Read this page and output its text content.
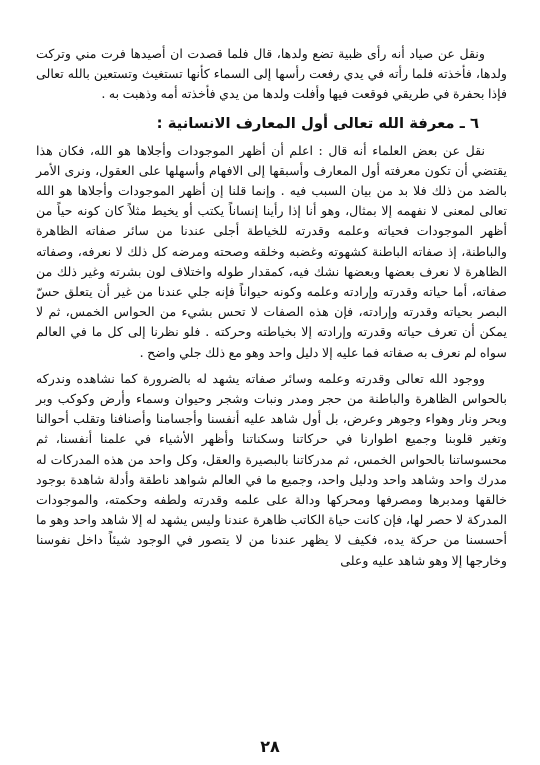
ونقل عن صياد أنه رأى ظبية تضع ولدها، قال فلما قصدت ان أصيدها فرت مني وتركت ولدها، فأخذته فلما رأته في يدي رفعت رأسها إلى السماء كأنها تستغيث وتستعين بالله تعالى فإذا بحفرة في طريقي فوقعت فيها وأفلت ولدها من يدي فأخذته أمه وذهبت به .

٦ ـ معرفة الله تعالى أول المعارف الانسانية :

نقل عن بعض العلماء أنه قال : اعلم أن أظهر الموجودات وأجلاها هو الله، فكان هذا يقتضي أن تكون معرفته أول المعارف وأسبقها إلى الافهام وأسهلها على العقول، ونرى الأمر بالضد من ذلك فلا بد من بيان السبب فيه . وإنما قلنا إن أظهر الموجودات وأجلاها هو الله تعالى لمعنى لا نفهمه إلا بمثال، وهو أنا إذا رأينا إنساناً يكتب أو يخيط مثلاً كان كونه حياً من أظهر الموجودات فحياته وعلمه وقدرته للخياطة أجلى عندنا من سائر صفاته الظاهرة والباطنة، إذ صفاته الباطنة كشهوته وغضبه وخلقه وصحته ومرضه كل ذلك لا نعرفه، وصفاته الظاهرة لا نعرف بعضها وبعضها نشك فيه، كمقدار طوله واختلاف لون بشرته وغير ذلك من صفاته، أما حياته وقدرته وإرادته وعلمه وكونه حيواناً فإنه جلي عندنا من غير أن يتعلق حسّ البصر بحياته وقدرته وإرادته، فإن هذه الصفات لا تحس بشيء من الحواس الخمس، ثم لا يمكن أن تعرف حياته وقدرته وإرادته إلا بخياطته وحركته . فلو نظرنا إلى كل ما في العالم سواه لم نعرف به صفاته فما عليه إلا دليل واحد وهو مع ذلك جلي واضح .

ووجود الله تعالى وقدرته وعلمه وسائر صفاته يشهد له بالضرورة كما نشاهده وندركه بالحواس الظاهرة والباطنة من حجر ومدر ونبات وشجر وحيوان وسماء وأرض وكوكب وبر وبحر ونار وهواء وجوهر وعرض، بل أول شاهد عليه أنفسنا وأجسامنا وأصنافنا وتقلب أحوالنا وتغير قلوبنا وجميع اطوارنا في حركاتنا وسكناتنا وأظهر الأشياء في علمنا أنفسنا، ثم محسوساتنا بالحواس الخمس، ثم مدركاتنا بالبصيرة والعقل، وكل واحد من هذه المدركات له مدرك واحد وشاهد واحد ودليل واحد، وجميع ما في العالم شواهد ناطقة وأدلة شاهدة بوجود خالقها ومدبرها ومصرفها ومحركها ودالة على علمه وقدرته ولطفه وحكمته، والموجودات المدركة لا حصر لها، فإن كانت حياة الكاتب ظاهرة عندنا وليس يشهد له إلا شاهد واحد وهو ما أحسسنا من حركة يده، فكيف لا يظهر عندنا من لا يتصور في الوجود شيئاً داخل نفوسنا وخارجها إلا وهو شاهد عليه وعلى

٢٨
